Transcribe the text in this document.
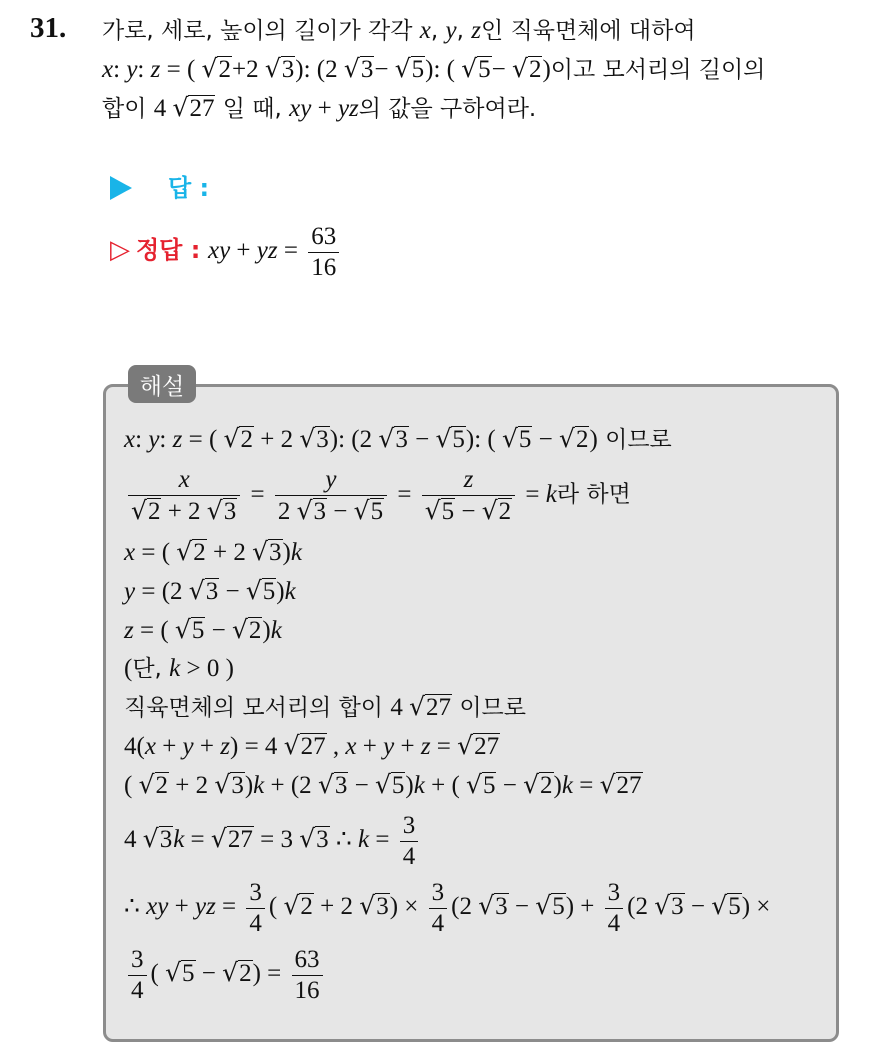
31. 가로, 세로, 높이의 길이가 각각 x, y, z인 직육면체에 대하여
x: y: z = ( √2+2 √3): (2 √3− √5): ( √5− √2)이고 모서리의 길이의
합이 4 √27 일 때, xy + yz의 값을 구하여라.
답 :
▷ 정답 : xy + yz = $\frac{63}{16}$
해설
x: y: z = ( √2 + 2 √3): (2 √3 − √5): ( √5 − √2) 이므로
$\frac{x}{√2 + 2 √3} = \frac{y}{2 √3 - √5} = \frac{z}{√5 - √2} = k$라 하면
x = ( √2 + 2 √3)k
y = (2 √3 − √5)k
z = ( √5 − √2)k
(단, k > 0 )
직육면체의 모서리의 합이 4 √27 이므로
4(x + y + z) = 4 √27 , x + y + z = √27
( √2 + 2 √3)k + (2 √3 − √5)k + ( √5 − √2)k = √27
4 √3k = √27 = 3 √3 ∴ $k = \frac{3}{4}$
∴ xy + yz = $\frac{3}{4}$ ( √2 + 2 $√3) \times \frac{3}{4} (2$ $√3 - √5) + \frac{3}{4} (2$ √3 − √5) ×
$\frac{3}{4}$ ( $√5 - √2) = \frac{63}{16}$
